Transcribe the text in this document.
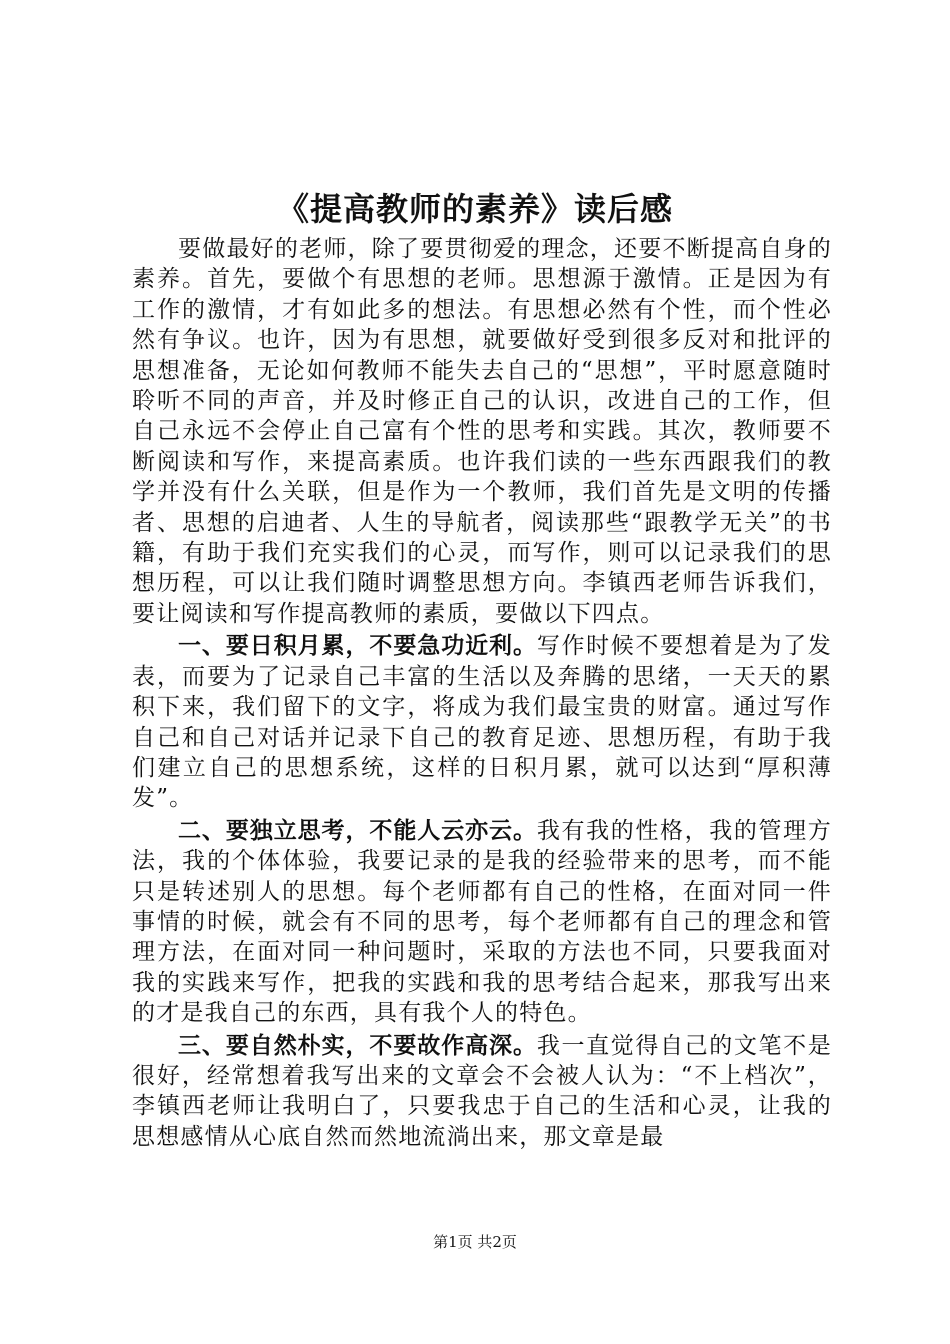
《提高教师的素养》读后感

要做最好的老师，除了要贯彻爱的理念，还要不断提高自身的素养。首先，要做个有思想的老师。思想源于激情。正是因为有工作的激情，才有如此多的想法。有思想必然有个性，而个性必然有争议。也许，因为有思想，就要做好受到很多反对和批评的思想准备，无论如何教师不能失去自己的“思想”，平时愿意随时聆听不同的声音，并及时修正自己的认识，改进自己的工作，但自己永远不会停止自己富有个性的思考和实践。其次，教师要不断阅读和写作，来提高素质。也许我们读的一些东西跟我们的教学并没有什么关联，但是作为一个教师，我们首先是文明的传播者、思想的启迪者、人生的导航者，阅读那些“跟教学无关”的书籍，有助于我们充实我们的心灵，而写作，则可以记录我们的思想历程，可以让我们随时调整思想方向。李镇西老师告诉我们，要让阅读和写作提高教师的素质，要做以下四点。

一、要日积月累，不要急功近利。写作时候不要想着是为了发表，而要为了记录自己丰富的生活以及奔腾的思绪，一天天的累积下来，我们留下的文字，将成为我们最宝贵的财富。通过写作自己和自己对话并记录下自己的教育足迹、思想历程，有助于我们建立自己的思想系统，这样的日积月累，就可以达到“厚积薄发”。

二、要独立思考，不能人云亦云。我有我的性格，我的管理方法，我的个体体验，我要记录的是我的经验带来的思考，而不能只是转述别人的思想。每个老师都有自己的性格，在面对同一件事情的时候，就会有不同的思考，每个老师都有自己的理念和管理方法，在面对同一种问题时，采取的方法也不同，只要我面对我的实践来写作，把我的实践和我的思考结合起来，那我写出来的才是我自己的东西，具有我个人的特色。

三、要自然朴实，不要故作高深。我一直觉得自己的文笔不是很好，经常想着我写出来的文章会不会被人认为：“不上档次”，李镇西老师让我明白了，只要我忠于自己的生活和心灵，让我的思想感情从心底自然而然地流淌出来，那文章是最

第1页 共2页
